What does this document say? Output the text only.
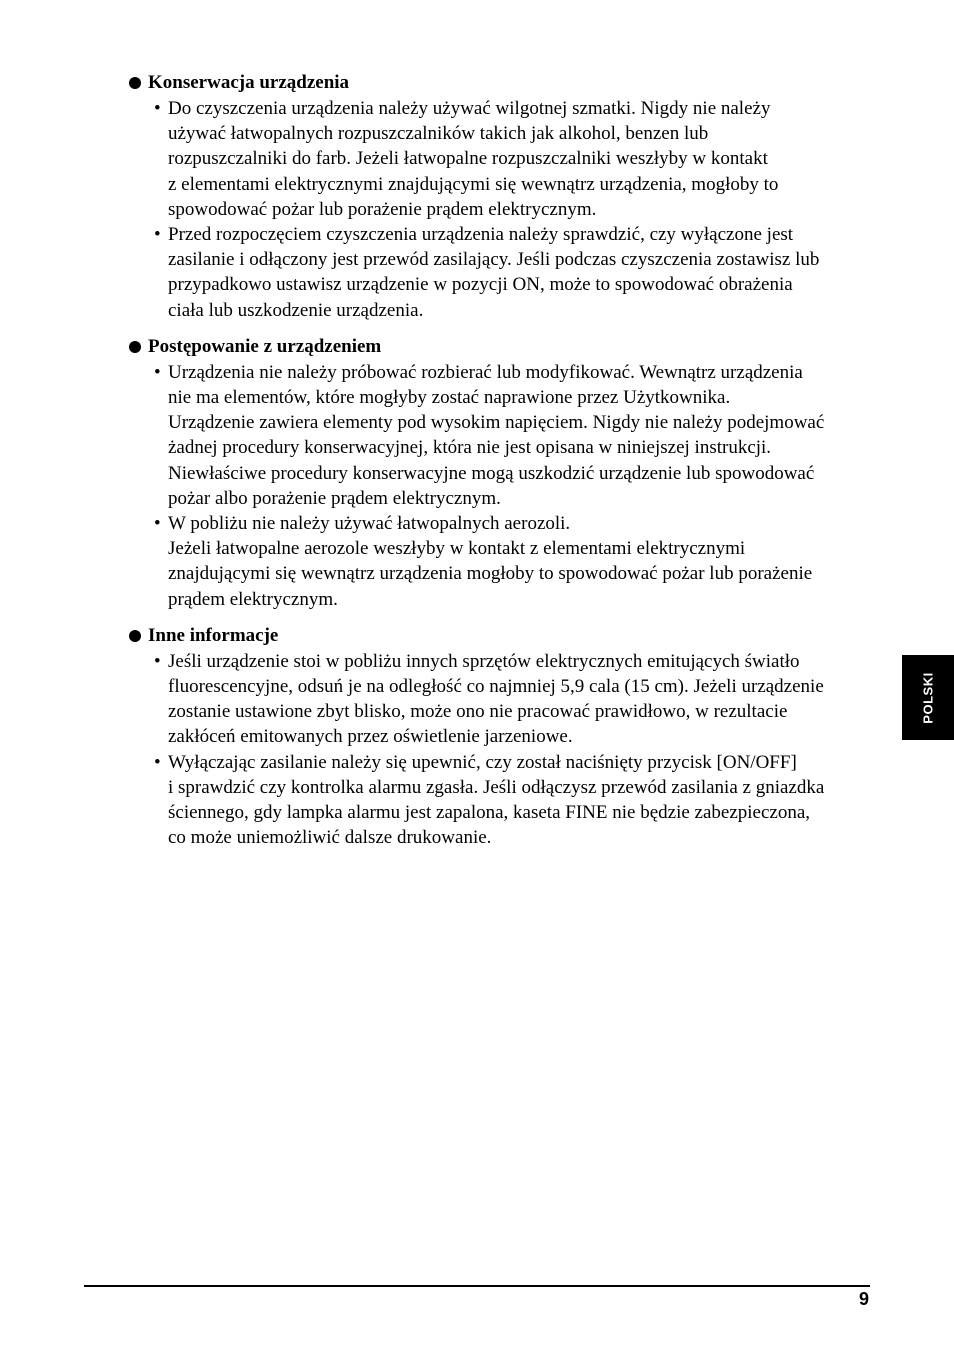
Konserwacja urządzenia
• Do czyszczenia urządzenia należy używać wilgotnej szmatki. Nigdy nie należy
używać łatwopalnych rozpuszczalników takich jak alkohol, benzen lub
rozpuszczalniki do farb. Jeżeli łatwopalne rozpuszczalniki weszłyby w kontakt
z elementami elektrycznymi znajdującymi się wewnątrz urządzenia, mogłoby to
spowodować pożar lub porażenie prądem elektrycznym.

• Przed rozpoczęciem czyszczenia urządzenia należy sprawdzić, czy wyłączone jest
zasilanie i odłączony jest przewód zasilający. Jeśli podczas czyszczenia zostawisz lub
przypadkowo ustawisz urządzenie w pozycji ON, może to spowodować obrażenia
ciała lub uszkodzenie urządzenia.

Postępowanie z urządzeniem
• Urządzenia nie należy próbować rozbierać lub modyfikować. Wewnątrz urządzenia
nie ma elementów, które mogłyby zostać naprawione przez Użytkownika.
Urządzenie zawiera elementy pod wysokim napięciem. Nigdy nie należy podejmować
żadnej procedury konserwacyjnej, która nie jest opisana w niniejszej instrukcji.
Niewłaściwe procedury konserwacyjne mogą uszkodzić urządzenie lub spowodować
pożar albo porażenie prądem elektrycznym.

• W pobliżu nie należy używać łatwopalnych aerozoli.
Jeżeli łatwopalne aerozole weszłyby w kontakt z elementami elektrycznymi
znajdującymi się wewnątrz urządzenia mogłoby to spowodować pożar lub porażenie
prądem elektrycznym.

Inne informacje
• Jeśli urządzenie stoi w pobliżu innych sprzętów elektrycznych emitujących światło
fluorescencyjne, odsuń je na odległość co najmniej 5,9 cala (15 cm). Jeżeli urządzenie
zostanie ustawione zbyt blisko, może ono nie pracować prawidłowo, w rezultacie
zakłóceń emitowanych przez oświetlenie jarzeniowe.

• Wyłączając zasilanie należy się upewnić, czy został naciśnięty przycisk [ON/OFF]
i sprawdzić czy kontrolka alarmu zgasła. Jeśli odłączysz przewód zasilania z gniazdka
ściennego, gdy lampka alarmu jest zapalona, kaseta FINE nie będzie zabezpieczona,
co może uniemożliwić dalsze drukowanie.

POLSKI
9
